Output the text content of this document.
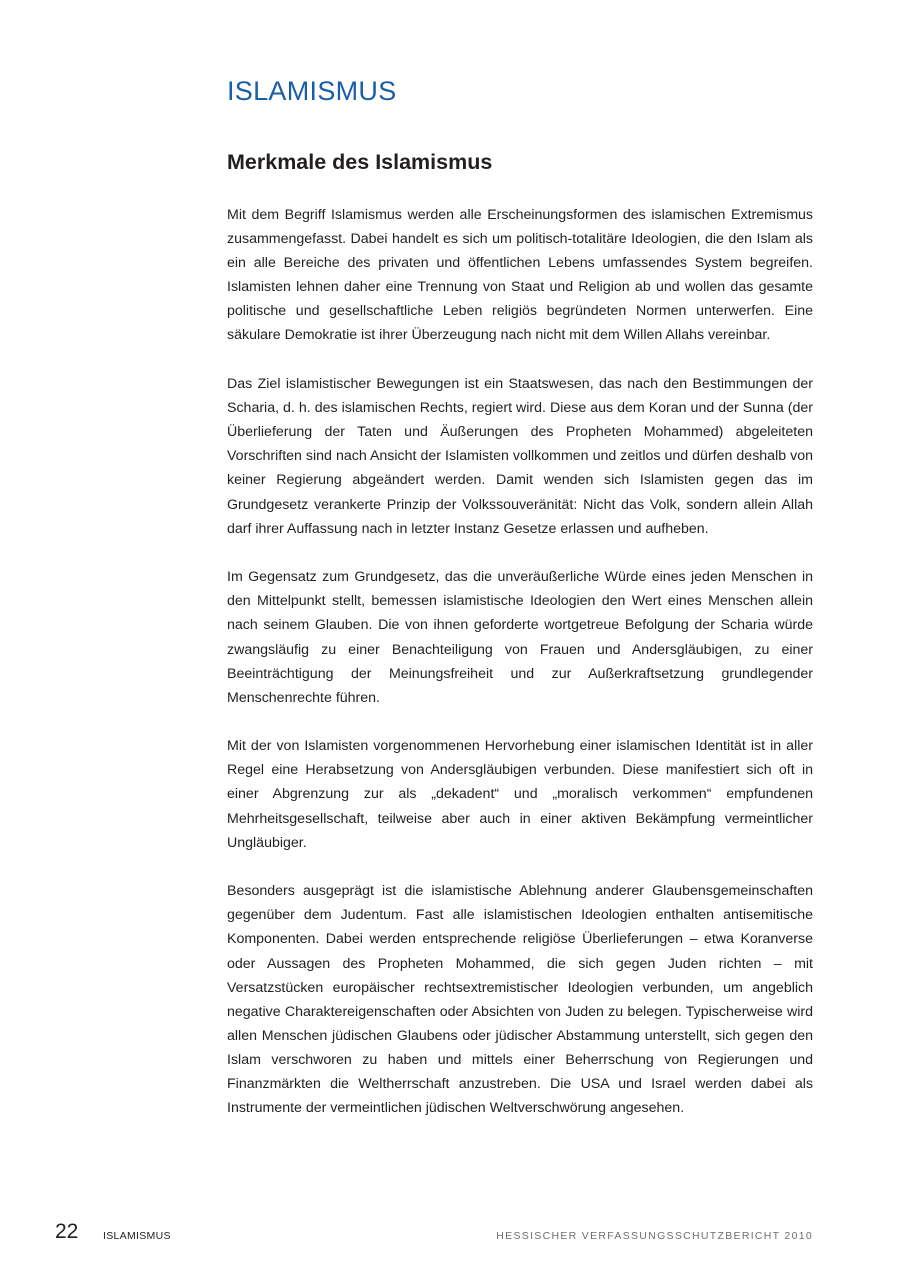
ISLAMISMUS
Merkmale des Islamismus

Mit dem Begriff Islamismus werden alle Erscheinungsformen des islamischen Extremismus zusammengefasst. Dabei handelt es sich um politisch-totalitäre Ideologien, die den Islam als ein alle Bereiche des privaten und öffentlichen Lebens umfassendes System begreifen. Islamisten lehnen daher eine Trennung von Staat und Religion ab und wollen das gesamte politische und gesellschaftliche Leben religiös begründeten Normen unterwerfen. Eine säkulare Demokratie ist ihrer Überzeugung nach nicht mit dem Willen Allahs vereinbar.

Das Ziel islamistischer Bewegungen ist ein Staatswesen, das nach den Bestimmungen der Scharia, d. h. des islamischen Rechts, regiert wird. Diese aus dem Koran und der Sunna (der Überlieferung der Taten und Äußerungen des Propheten Mohammed) abgeleiteten Vorschriften sind nach Ansicht der Islamisten vollkommen und zeitlos und dürfen deshalb von keiner Regierung abgeändert werden. Damit wenden sich Islamisten gegen das im Grundgesetz verankerte Prinzip der Volkssouveränität: Nicht das Volk, sondern allein Allah darf ihrer Auffassung nach in letzter Instanz Gesetze erlassen und aufheben.

Im Gegensatz zum Grundgesetz, das die unveräußerliche Würde eines jeden Menschen in den Mittelpunkt stellt, bemessen islamistische Ideologien den Wert eines Menschen allein nach seinem Glauben. Die von ihnen geforderte wortgetreue Befolgung der Scharia würde zwangsläufig zu einer Benachteiligung von Frauen und Andersgläubigen, zu einer Beeinträchtigung der Meinungsfreiheit und zur Außerkraftsetzung grundlegender Menschenrechte führen.

Mit der von Islamisten vorgenommenen Hervorhebung einer islamischen Identität ist in aller Regel eine Herabsetzung von Andersgläubigen verbunden. Diese manifestiert sich oft in einer Abgrenzung zur als „dekadent“ und „moralisch verkommen“ empfundenen Mehrheitsgesellschaft, teilweise aber auch in einer aktiven Bekämpfung vermeintlicher Ungläubiger.

Besonders ausgeprägt ist die islamistische Ablehnung anderer Glaubensgemeinschaften gegenüber dem Judentum. Fast alle islamistischen Ideologien enthalten antisemitische Komponenten. Dabei werden entsprechende religiöse Überlieferungen – etwa Koranverse oder Aussagen des Propheten Mohammed, die sich gegen Juden richten – mit Versatzstücken europäischer rechtsextremistischer Ideologien verbunden, um angeblich negative Charaktereigenschaften oder Absichten von Juden zu belegen. Typischerweise wird allen Menschen jüdischen Glaubens oder jüdischer Abstammung unterstellt, sich gegen den Islam verschworen zu haben und mittels einer Beherrschung von Regierungen und Finanzmärkten die Weltherrschaft anzustreben. Die USA und Israel werden dabei als Instrumente der vermeintlichen jüdischen Weltverschwörung angesehen.

22 ISLAMISMUS	HESSISCHER VERFASSUNGSSCHUTZBERICHT 2010
